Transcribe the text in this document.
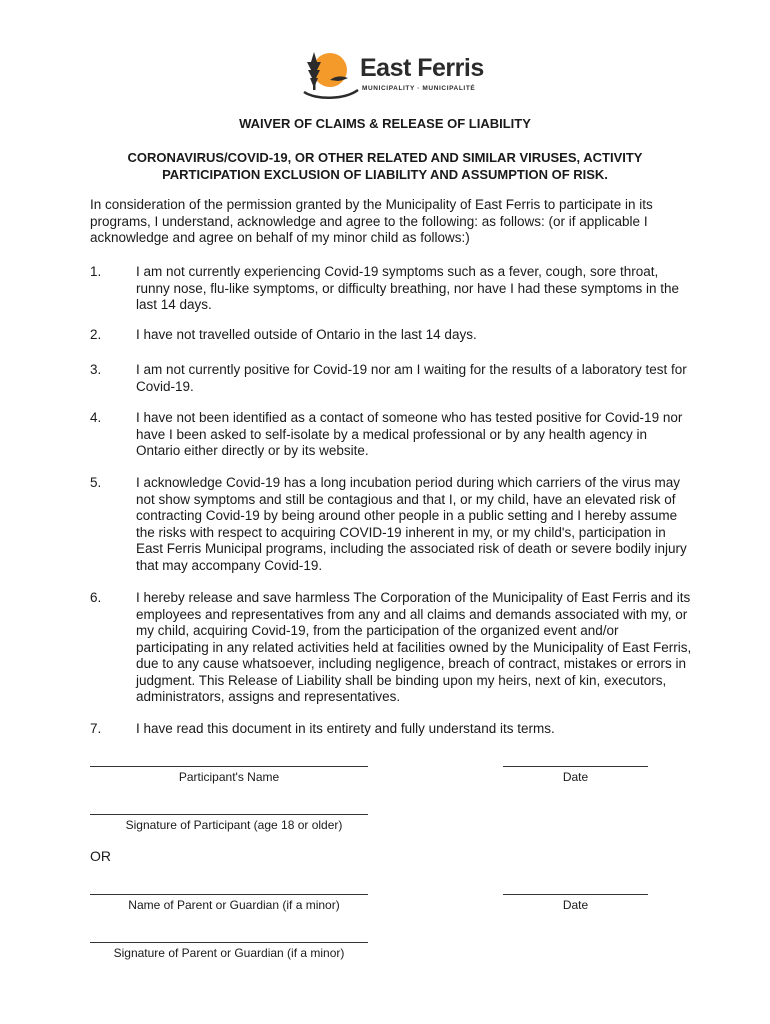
East Ferris
MUNICIPALITY · MUNICIPALITÉ
WAIVER OF CLAIMS & RELEASE OF LIABILITY
CORONAVIRUS/COVID-19, OR OTHER RELATED AND SIMILAR VIRUSES, ACTIVITY PARTICIPATION EXCLUSION OF LIABILITY AND ASSUMPTION OF RISK.
In consideration of the permission granted by the Municipality of East Ferris to participate in its programs, I understand, acknowledge and agree to the following: as follows: (or if applicable I acknowledge and agree on behalf of my minor child as follows:)
1.	I am not currently experiencing Covid-19 symptoms such as a fever, cough, sore throat, runny nose, flu-like symptoms, or difficulty breathing, nor have I had these symptoms in the last 14 days.
2.	I have not travelled outside of Ontario in the last 14 days.
3.	I am not currently positive for Covid-19 nor am I waiting for the results of a laboratory test for Covid-19.
4.	I have not been identified as a contact of someone who has tested positive for Covid-19 nor have I been asked to self-isolate by a medical professional or by any health agency in Ontario either directly or by its website.
5.	I acknowledge Covid-19 has a long incubation period during which carriers of the virus may not show symptoms and still be contagious and that I, or my child, have an elevated risk of contracting Covid-19 by being around other people in a public setting and I hereby assume the risks with respect to acquiring COVID-19 inherent in my, or my child's, participation in East Ferris Municipal programs, including the associated risk of death or severe bodily injury that may accompany Covid-19.
6.	I hereby release and save harmless The Corporation of the Municipality of East Ferris and its employees and representatives from any and all claims and demands associated with my, or my child, acquiring Covid-19, from the participation of the organized event and/or participating in any related activities held at facilities owned by the Municipality of East Ferris, due to any cause whatsoever, including negligence, breach of contract, mistakes or errors in judgment. This Release of Liability shall be binding upon my heirs, next of kin, executors, administrators, assigns and representatives.
7.	I have read this document in its entirety and fully understand its terms.
Participant's Name	Date
Signature of Participant (age 18 or older)
OR
Name of Parent or Guardian (if a minor)	Date
Signature of Parent or Guardian (if a minor)
